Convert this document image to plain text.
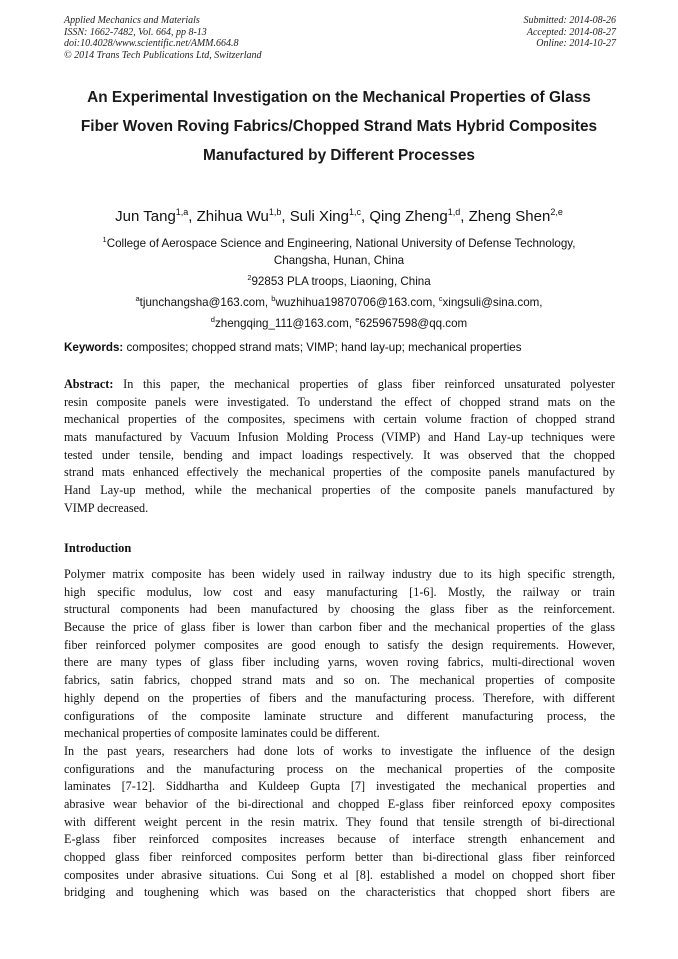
Applied Mechanics and Materials
ISSN: 1662-7482, Vol. 664, pp 8-13
doi:10.4028/www.scientific.net/AMM.664.8
© 2014 Trans Tech Publications Ltd, Switzerland
Submitted: 2014-08-26
Accepted: 2014-08-27
Online: 2014-10-27
An Experimental Investigation on the Mechanical Properties of Glass
Fiber Woven Roving Fabrics/Chopped Strand Mats Hybrid Composites
Manufactured by Different Processes
Jun Tang$^{1,a}$, Zhihua Wu$^{1,b}$, Suli Xing$^{1,c}$, Qing Zheng$^{1,d}$, Zheng Shen$^{2,e}$
$^1$College of Aerospace Science and Engineering, National University of Defense Technology,
Changsha, Hunan, China
$^2$92853 PLA troops, Liaoning, China
$^a$tjunchangsha@163.com, $^b$wuzhihua19870706@163.com, $^c$xingsuli@sina.com,
$^d$zhengqing_111@163.com, $^e$625967598@qq.com
Keywords: composites; chopped strand mats; VIMP; hand lay-up; mechanical properties
Abstract: In this paper, the mechanical properties of glass fiber reinforced unsaturated polyester
resin composite panels were investigated. To understand the effect of chopped strand mats on the
mechanical properties of the composites, specimens with certain volume fraction of chopped strand
mats manufactured by Vacuum Infusion Molding Process (VIMP) and Hand Lay-up techniques were
tested under tensile, bending and impact loadings respectively. It was observed that the chopped
strand mats enhanced effectively the mechanical properties of the composite panels manufactured by
Hand Lay-up method, while the mechanical properties of the composite panels manufactured by
VIMP decreased.
Introduction
Polymer matrix composite has been widely used in railway industry due to its high specific strength,
high specific modulus, low cost and easy manufacturing [1-6]. Mostly, the railway or train
structural components had been manufactured by choosing the glass fiber as the reinforcement.
Because the price of glass fiber is lower than carbon fiber and the mechanical properties of the glass
fiber reinforced polymer composites are good enough to satisfy the design requirements. However,
there are many types of glass fiber including yarns, woven roving fabrics, multi-directional woven
fabrics, satin fabrics, chopped strand mats and so on. The mechanical properties of composite
highly depend on the properties of fibers and the manufacturing process. Therefore, with different
configurations of the composite laminate structure and different manufacturing process, the
mechanical properties of composite laminates could be different.
In the past years, researchers had done lots of works to investigate the influence of the design
configurations and the manufacturing process on the mechanical properties of the composite
laminates [7-12]. Siddhartha and Kuldeep Gupta [7] investigated the mechanical properties and
abrasive wear behavior of the bi-directional and chopped E-glass fiber reinforced epoxy composites
with different weight percent in the resin matrix. They found that tensile strength of bi-directional
E-glass fiber reinforced composites increases because of interface strength enhancement and
chopped glass fiber reinforced composites perform better than bi-directional glass fiber reinforced
composites under abrasive situations. Cui Song et al [8]. established a model on chopped short fiber
bridging and toughening which was based on the characteristics that chopped short fibers are
